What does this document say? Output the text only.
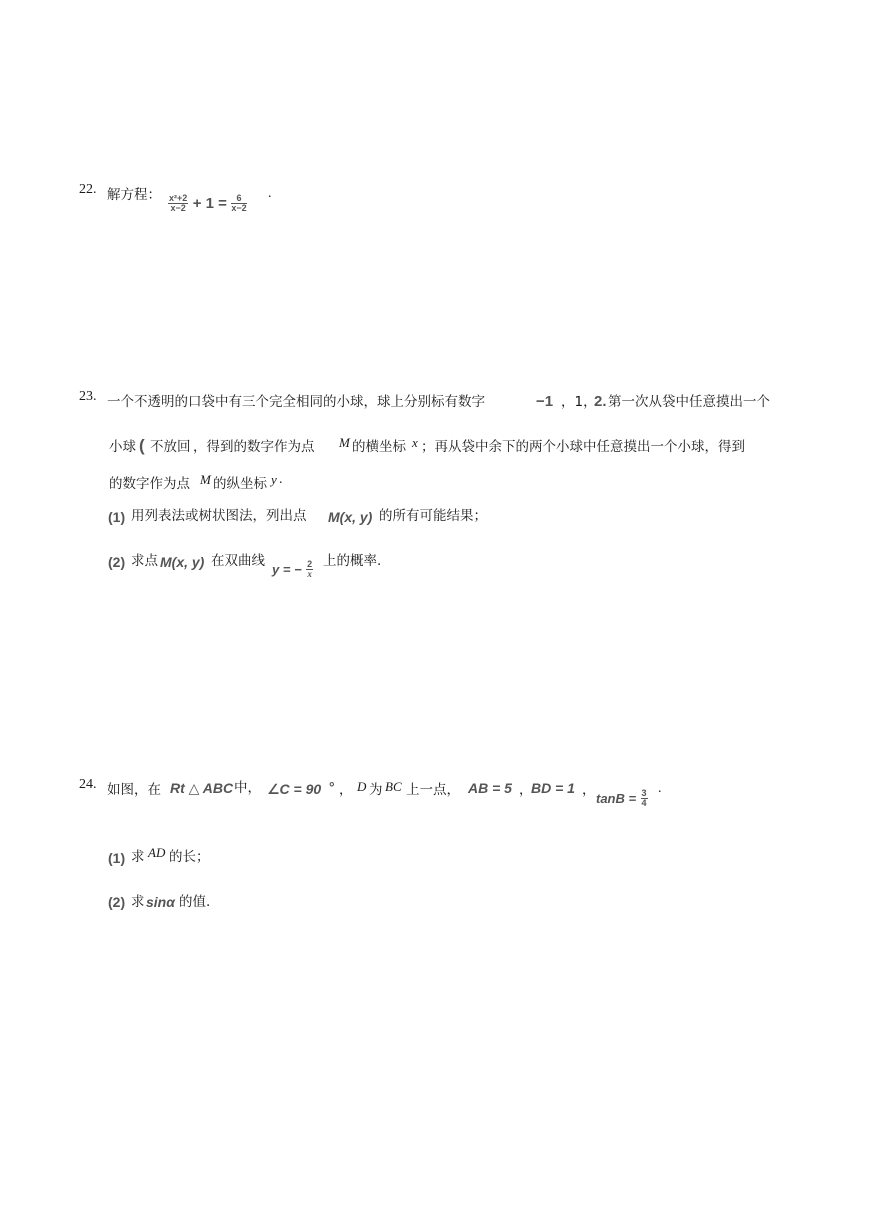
22. 解方程： $\frac{\text{x²+2}}{x-2} + 1 = \frac{6}{x-2}$
.
23. 一个不透明的口袋中有三个完全相同的小球，球上分别标有数字	−1 ，1，
2. 第一次从袋中任意摸出一个
小球 ( 不放回 ，得到的数字作为点 M 的横坐标 x ；再从袋中余下的两个小球中任意摸出一个小球，得到
的数字作为点 M 的纵坐标 y .
(1) 用列表法或树状图法，列出点 M(x, y) 的所有可能结果；
(2) 求点 M(x, y) 在双曲线
y = − $\frac{2}{x}$ 上的概率.
24. 如图，在 Rt △ ABC 中， ∠C = 90 ° ， D 为 BC 上一点， AB = 5 ，
BD = 1 ，
$\tan B = \frac{3}{4}$
.
(1) 求 AD 的长；
(2) 求 sinα 的值.
